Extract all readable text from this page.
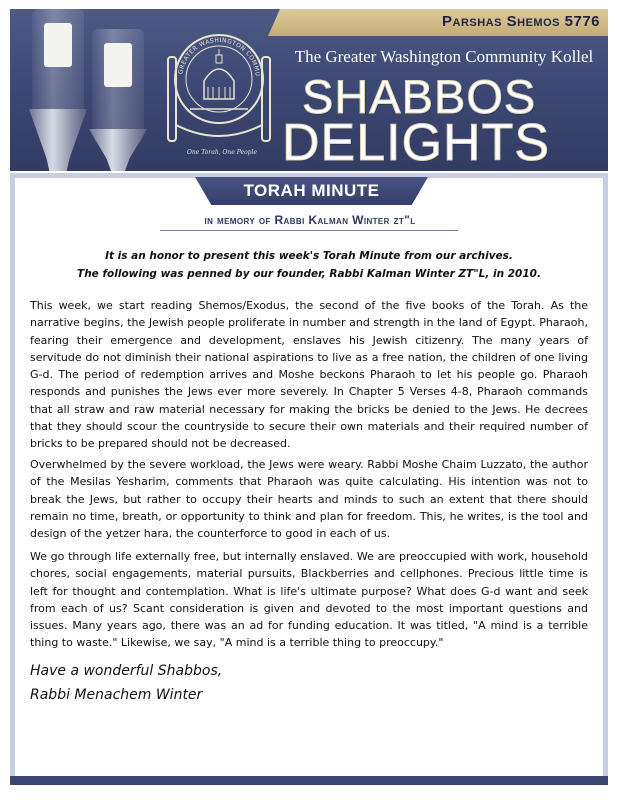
GREATER WASHINGTON COMMU
One Torah, One People
The Greater Washington Community Kollel
SHABBOS
DELIGHTS
Parshas Shemos 5776
TORAH MINUTE
in memory of Rabbi Kalman Winter zt"l
It is an honor to present this week's Torah Minute from our archives.
The following was penned by our founder, Rabbi Kalman Winter ZT"L, in 2010.
This week, we start reading Shemos/Exodus, the second of the five books of the Torah. As the narrative begins, the Jewish people proliferate in number and strength in the land of Egypt. Pharaoh, fearing their emergence and development, enslaves his Jewish citizenry. The many years of servitude do not diminish their national aspirations to live as a free nation, the children of one living G-d. The period of redemption arrives and Moshe beckons Pharaoh to let his people go. Pharaoh responds and punishes the Jews ever more severely. In Chapter 5 Verses 4-8, Pharaoh commands that all straw and raw material necessary for making the bricks be denied to the Jews. He decrees that they should scour the countryside to secure their own materials and their required number of bricks to be prepared should not be decreased.
Overwhelmed by the severe workload, the Jews were weary. Rabbi Moshe Chaim Luzzato, the author of the Mesilas Yesharim, comments that Pharaoh was quite calculating. His intention was not to break the Jews, but rather to occupy their hearts and minds to such an extent that there should remain no time, breath, or opportunity to think and plan for freedom. This, he writes, is the tool and design of the yetzer hara, the counterforce to good in each of us.
We go through life externally free, but internally enslaved. We are preoccupied with work, household chores, social engagements, material pursuits, Blackberries and cellphones. Precious little time is left for thought and contemplation. What is life's ultimate purpose? What does G-d want and seek from each of us? Scant consideration is given and devoted to the most important questions and issues. Many years ago, there was an ad for funding education. It was titled, "A mind is a terrible thing to waste." Likewise, we say, "A mind is a terrible thing to preoccupy."
Have a wonderful Shabbos,
Rabbi Menachem Winter
